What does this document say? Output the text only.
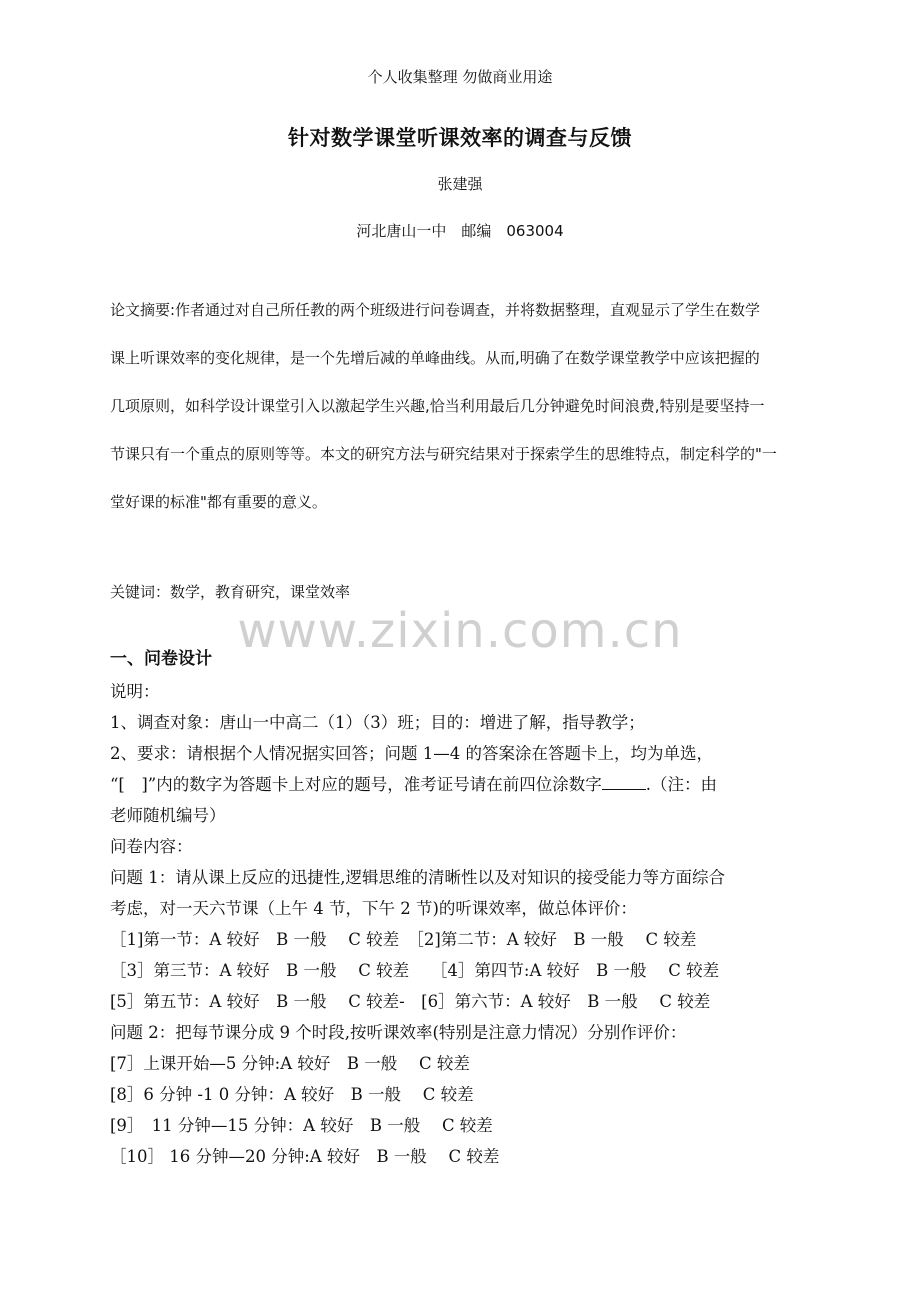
个人收集整理 勿做商业用途
针对数学课堂听课效率的调查与反馈
张建强
河北唐山一中　邮编　063004
论文摘要:作者通过对自己所任教的两个班级进行问卷调查，并将数据整理，直观显示了学生在数学
课上听课效率的变化规律，是一个先增后减的单峰曲线。从而,明确了在数学课堂教学中应该把握的
几项原则，如科学设计课堂引入以激起学生兴趣,恰当利用最后几分钟避免时间浪费,特别是要坚持一
节课只有一个重点的原则等等。本文的研究方法与研究结果对于探索学生的思维特点，制定科学的"一
堂好课的标准"都有重要的意义。
关键词：数学，教育研究，课堂效率
www.zixin.com.cn
一、问卷设计
说明：
1、调查对象：唐山一中高二（1）（3）班；目的：增进了解，指导教学；
2、要求：请根据个人情况据实回答；问题 1—4 的答案涂在答题卡上，均为单选，
“[　]”内的数字为答题卡上对应的题号，准考证号请在前四位涂数字	.（注：由
老师随机编号）
问卷内容：
问题 1：请从课上反应的迅捷性,逻辑思维的清晰性以及对知识的接受能力等方面综合
考虑，对一天六节课（上午 4 节，下午 2 节)的听课效率，做总体评价：
［1]第一节：A 较好　B 一般　 C 较差　［2]第二节：A 较好　B 一般　 C 较差
［3］第三节：A 较好　B 一般　 C 较差　 ［4］第四节:A 较好　B 一般　 C 较差
[5］第五节：A 较好　B 一般　 C 较差-　[6］第六节：A 较好　B 一般　 C 较差
问题 2：把每节课分成 9 个时段,按听课效率(特别是注意力情况）分别作评价：
[7］上课开始—5 分钟:A 较好　B 一般　 C 较差
[8］6 分钟 -1 0 分钟：A 较好　B 一般　 C 较差
[9］　11 分钟—15 分钟：A 较好　B 一般　 C 较差
［10］ 16 分钟—20 分钟:A 较好　B 一般　 C 较差
